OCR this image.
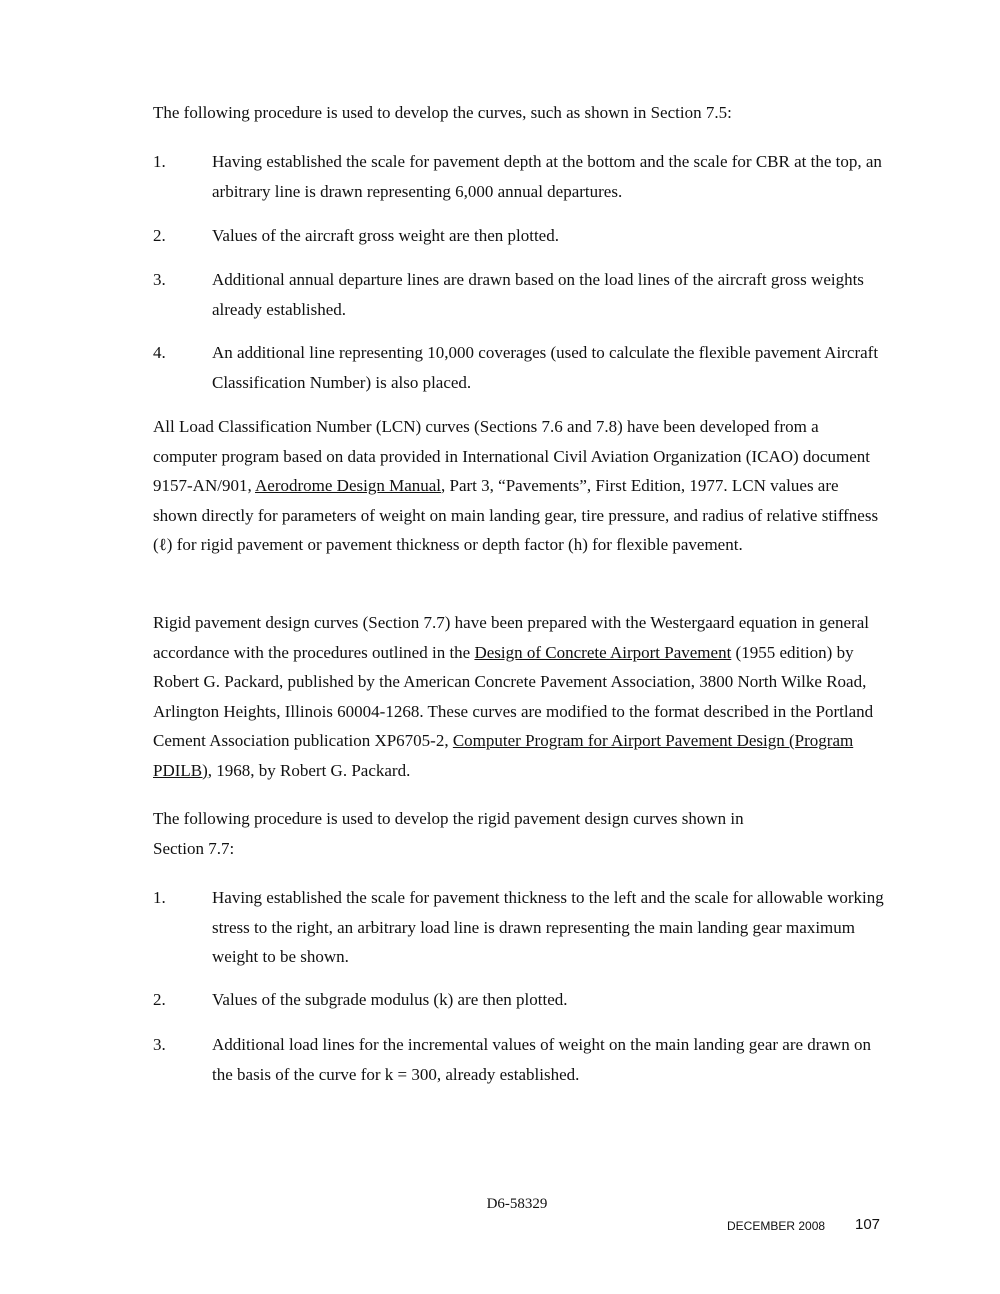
The following procedure is used to develop the curves, such as shown in Section 7.5:
1.	Having established the scale for pavement depth at the bottom and the scale for CBR at the top, an arbitrary line is drawn representing 6,000 annual departures.
2.	Values of the aircraft gross weight are then plotted.
3.	Additional annual departure lines are drawn based on the load lines of the aircraft gross weights already established.
4.	An additional line representing 10,000 coverages (used to calculate the flexible pavement Aircraft Classification Number) is also placed.
All Load Classification Number (LCN) curves (Sections 7.6 and 7.8) have been developed from a computer program based on data provided in International Civil Aviation Organization (ICAO) document 9157-AN/901, Aerodrome Design Manual, Part 3, “Pavements”, First Edition, 1977. LCN values are shown directly for parameters of weight on main landing gear, tire pressure, and radius of relative stiffness (ℓ) for rigid pavement or pavement thickness or depth factor (h) for flexible pavement.
Rigid pavement design curves (Section 7.7) have been prepared with the Westergaard equation in general accordance with the procedures outlined in the Design of Concrete Airport Pavement (1955 edition) by Robert G. Packard, published by the American Concrete Pavement Association, 3800 North Wilke Road, Arlington Heights, Illinois 60004-1268. These curves are modified to the format described in the Portland Cement Association publication XP6705-2, Computer Program for Airport Pavement Design (Program PDILB), 1968, by Robert G. Packard.
The following procedure is used to develop the rigid pavement design curves shown in
Section 7.7:
1.	Having established the scale for pavement thickness to the left and the scale for allowable working stress to the right, an arbitrary load line is drawn representing the main landing gear maximum weight to be shown.
2.	Values of the subgrade modulus (k) are then plotted.
3.	Additional load lines for the incremental values of weight on the main landing gear are drawn on the basis of the curve for k = 300, already established.
D6-58329
DECEMBER 2008 107
